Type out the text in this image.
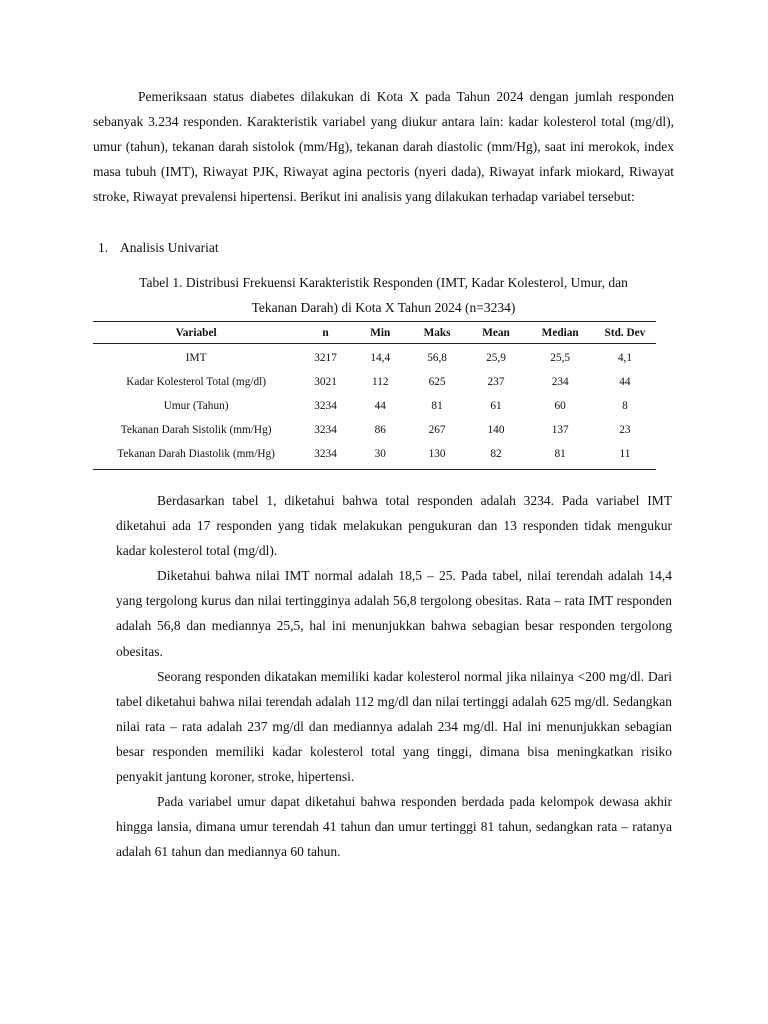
Pemeriksaan status diabetes dilakukan di Kota X pada Tahun 2024 dengan jumlah responden sebanyak 3.234 responden. Karakteristik variabel yang diukur antara lain: kadar kolesterol total (mg/dl), umur (tahun), tekanan darah sistolok (mm/Hg), tekanan darah diastolic (mm/Hg), saat ini merokok, index masa tubuh (IMT), Riwayat PJK, Riwayat agina pectoris (nyeri dada), Riwayat infark miokard, Riwayat stroke, Riwayat prevalensi hipertensi. Berikut ini analisis yang dilakukan terhadap variabel tersebut:

1. Analisis Univariat
Tabel 1. Distribusi Frekuensi Karakteristik Responden (IMT, Kadar Kolesterol, Umur, dan
Tekanan Darah) di Kota X Tahun 2024 (n=3234)
Variabel	n	Min	Maks	Mean	Median	Std. Dev
IMT	3217	14,4	56,8	25,9	25,5	4,1
Kadar Kolesterol Total (mg/dl)	3021	112	625	237	234	44
Umur (Tahun)	3234	44	81	61	60	8
Tekanan Darah Sistolik (mm/Hg)	3234	86	267	140	137	23
Tekanan Darah Diastolik (mm/Hg)	3234	30	130	82	81	11

Berdasarkan tabel 1, diketahui bahwa total responden adalah 3234. Pada variabel IMT diketahui ada 17 responden yang tidak melakukan pengukuran dan 13 responden tidak mengukur kadar kolesterol total (mg/dl).

Diketahui bahwa nilai IMT normal adalah 18,5 – 25. Pada tabel, nilai terendah adalah 14,4 yang tergolong kurus dan nilai tertingginya adalah 56,8 tergolong obesitas. Rata – rata IMT responden adalah 56,8 dan mediannya 25,5, hal ini menunjukkan bahwa sebagian besar responden tergolong obesitas.

Seorang responden dikatakan memiliki kadar kolesterol normal jika nilainya <200 mg/dl. Dari tabel diketahui bahwa nilai terendah adalah 112 mg/dl dan nilai tertinggi adalah 625 mg/dl. Sedangkan nilai rata – rata adalah 237 mg/dl dan mediannya adalah 234 mg/dl. Hal ini menunjukkan sebagian besar responden memiliki kadar kolesterol total yang tinggi, dimana bisa meningkatkan risiko penyakit jantung koroner, stroke, hipertensi.

Pada variabel umur dapat diketahui bahwa responden berdada pada kelompok dewasa akhir hingga lansia, dimana umur terendah 41 tahun dan umur tertinggi 81 tahun, sedangkan rata – ratanya adalah 61 tahun dan mediannya 60 tahun.
